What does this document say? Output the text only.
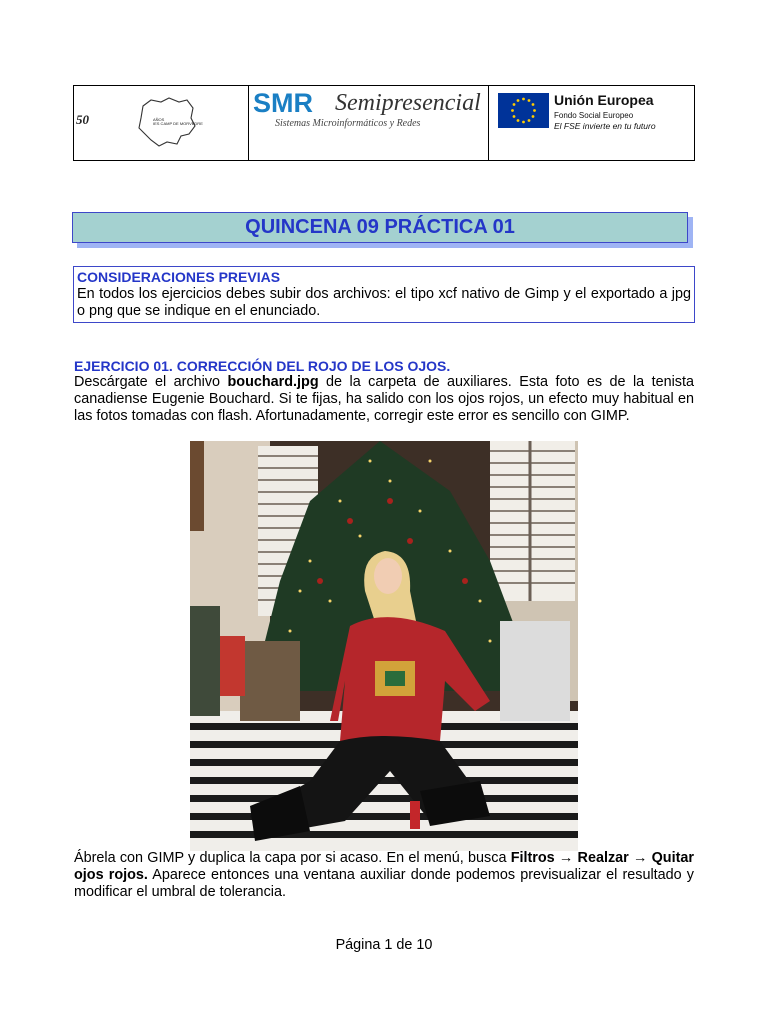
50	AÑOS
IES CAMP DE MORVEDRE
SMR Semipresencial
Sistemas Microinformáticos y Redes
Unión Europea
Fondo Social Europeo
El FSE invierte en tu futuro
QUINCENA 09 PRÁCTICA 01
CONSIDERACIONES PREVIAS
En todos los ejercicios debes subir dos archivos: el tipo xcf nativo de Gimp y el exportado a jpg o png que se indique en el enunciado.
EJERCICIO 01. CORRECCIÓN DEL ROJO DE LOS OJOS.
Descárgate el archivo bouchard.jpg de la carpeta de auxiliares. Esta foto es de la tenista canadiense Eugenie Bouchard. Si te fijas, ha salido con los ojos rojos, un efecto muy habitual en las fotos tomadas con flash. Afortunadamente, corregir este error es sencillo con GIMP.
Ábrela con GIMP y duplica la capa por si acaso. En el menú, busca Filtros → Realzar → Quitar ojos rojos. Aparece entonces una ventana auxiliar donde podemos previsualizar el resultado y modificar el umbral de tolerancia.
Página 1 de 10
